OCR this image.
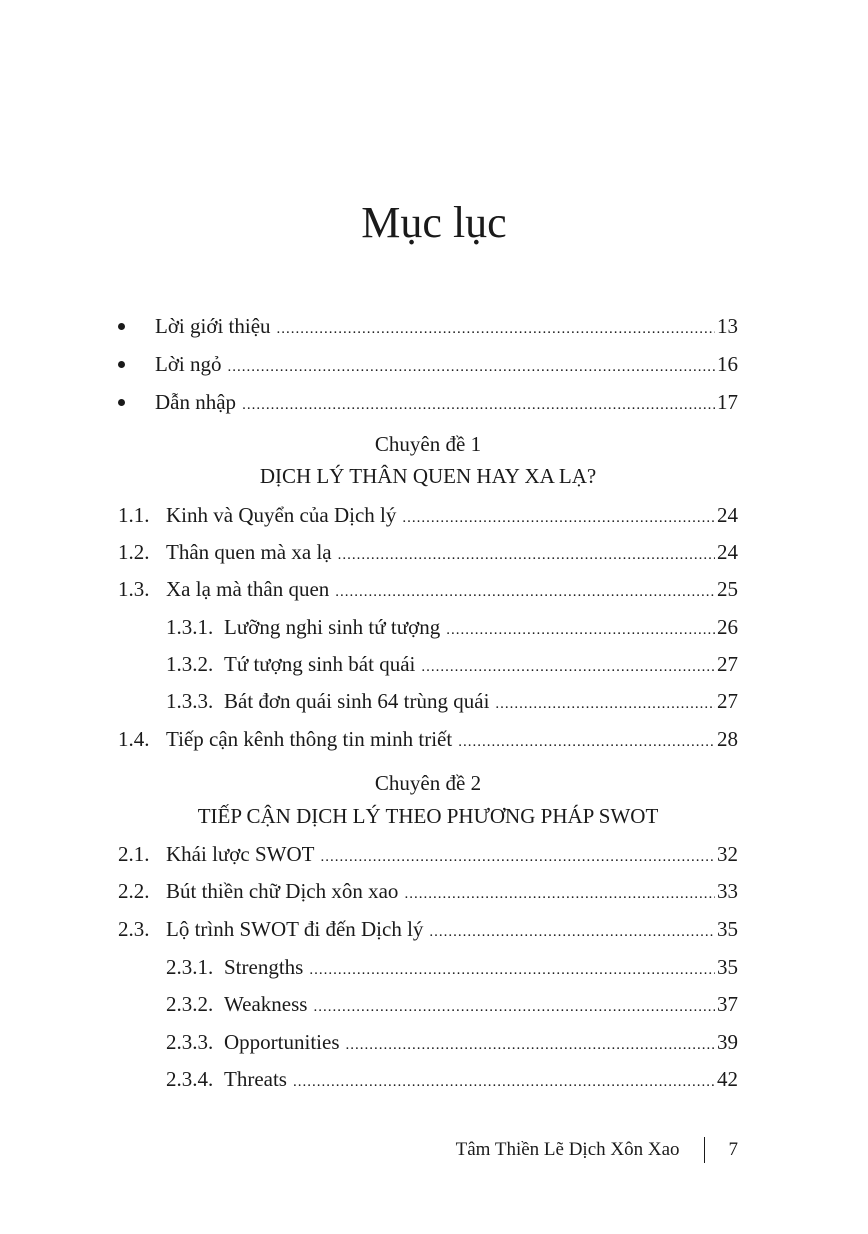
Mục lục
Lời giới thiệu .....	13
Lời ngỏ .....	16
Dẫn nhập .....	17
Chuyên đề 1
DỊCH LÝ THÂN QUEN HAY XA LẠ?
1.1. Kinh và Quyển của Dịch lý .....	24
1.2. Thân quen mà xa lạ .....	24
1.3. Xa lạ mà thân quen .....	25
1.3.1. Lưỡng nghi sinh tứ tượng .....	26
1.3.2. Tứ tượng sinh bát quái .....	27
1.3.3. Bát đơn quái sinh 64 trùng quái .....	27
1.4. Tiếp cận kênh thông tin minh triết .....	28
Chuyên đề 2
TIẾP CẬN DỊCH LÝ THEO PHƯƠNG PHÁP SWOT
2.1. Khái lược SWOT .....	32
2.2. Bút thiền chữ Dịch xôn xao .....	33
2.3. Lộ trình SWOT đi đến Dịch lý .....	35
2.3.1. Strengths .....	35
2.3.2. Weakness .....	37
2.3.3. Opportunities .....	39
2.3.4. Threats .....	42
Tâm Thiền Lẽ Dịch Xôn Xao	7
